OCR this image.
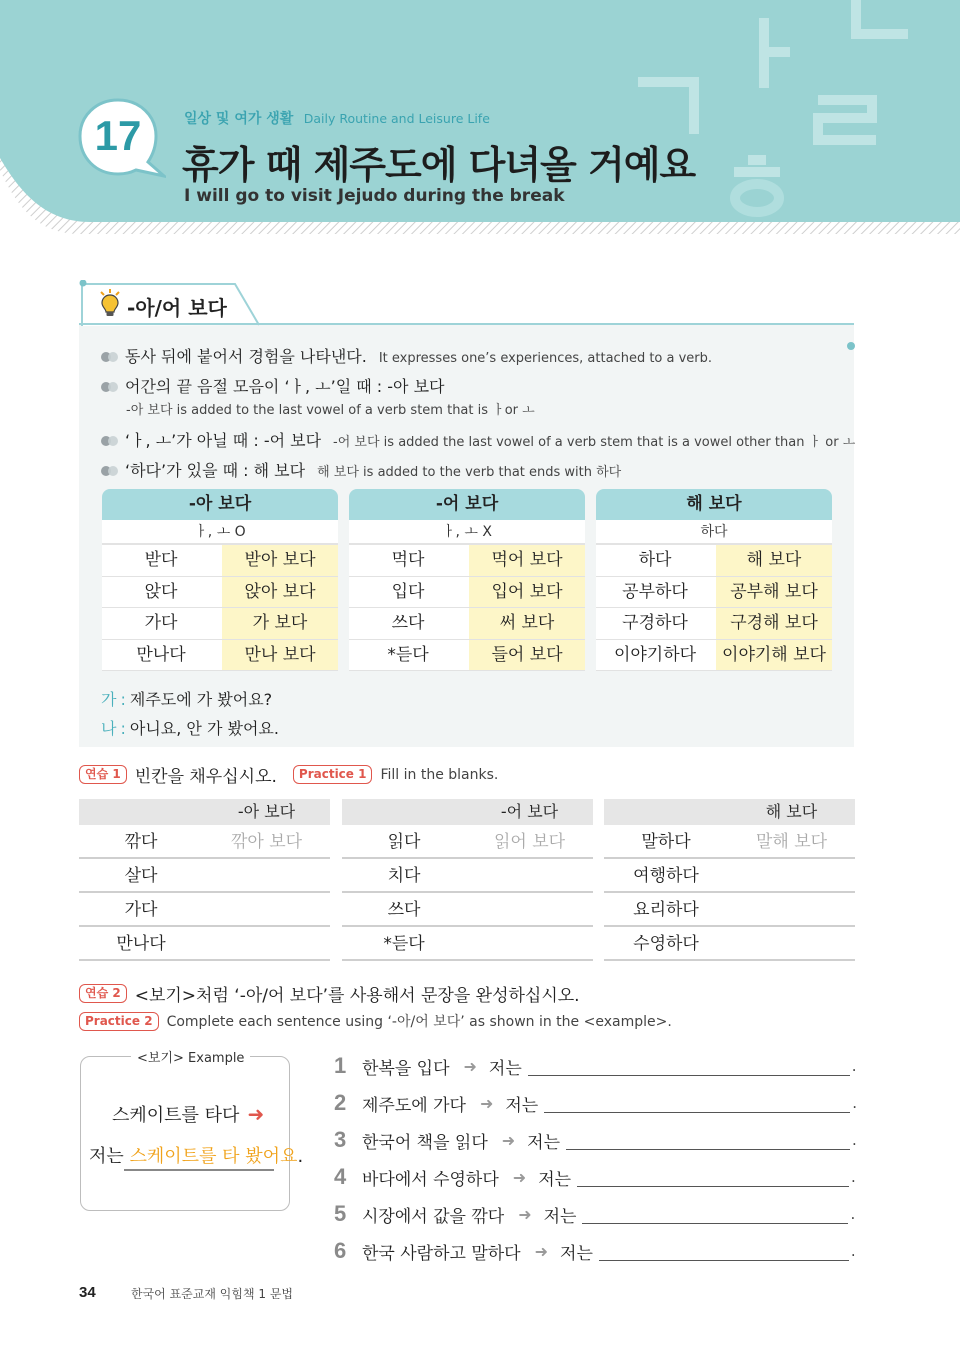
17	일상 및 여가 생활 Daily Routine and Leisure Life
휴가 때 제주도에 다녀올 거예요
I will go to visit Jejudo during the break
-아/어 보다
동사 뒤에 붙어서 경험을 나타낸다. It expresses one’s experiences, attached to a verb.
어간의 끝 음절 모음이 ‘ㅏ, ㅗ’일 때 : -아 보다
-아 보다 is added to the last vowel of a verb stem that is ㅏor ㅗ
‘ㅏ, ㅗ’가 아닐 때 : -어 보다 -어 보다 is added the last vowel of a verb stem that is a vowel other than ㅏ or ㅗ
‘하다’가 있을 때 : 해 보다 해 보다 is added to the verb that ends with 하다
-아 보다
ㅏ, ㅗ O
받다	받아 보다
앉다	앉아 보다
가다	가 보다
만나다	만나 보다
-어 보다
ㅏ, ㅗ X
먹다	먹어 보다
입다	입어 보다
쓰다	써 보다
*듣다	들어 보다
해 보다
하다
하다	해 보다
공부하다	공부해 보다
구경하다	구경해 보다
이야기하다	이야기해 보다
가 : 제주도에 가 봤어요?
나 : 아니요, 안 가 봤어요.
연습 1 빈칸을 채우십시오.	Practice 1	Fill in the blanks.
-아 보다
깎다	깎아 보다
살다
가다
만나다
-어 보다
읽다	읽어 보다
치다
쓰다
*듣다
해 보다
말하다	말해 보다
여행하다
요리하다
수영하다
연습 2 <보기>처럼 ‘-아/어 보다’를 사용해서 문장을 완성하십시오.
Practice 2	Complete each sentence using ‘-아/어 보다’ as shown in the <example>.
<보기> Example
스케이트를 타다 ➜
저는 스케이트를 타 봤어요.
1 한복을 입다 ➜ 저는	.
2 제주도에 가다 ➜ 저는	.
3 한국어 책을 읽다 ➜ 저는	.
4 바다에서 수영하다 ➜ 저는	.
5 시장에서 값을 깎다 ➜ 저는	.
6 한국 사람하고 말하다 ➜ 저는	.
34	한국어 표준교재 익힘책 1 문법
